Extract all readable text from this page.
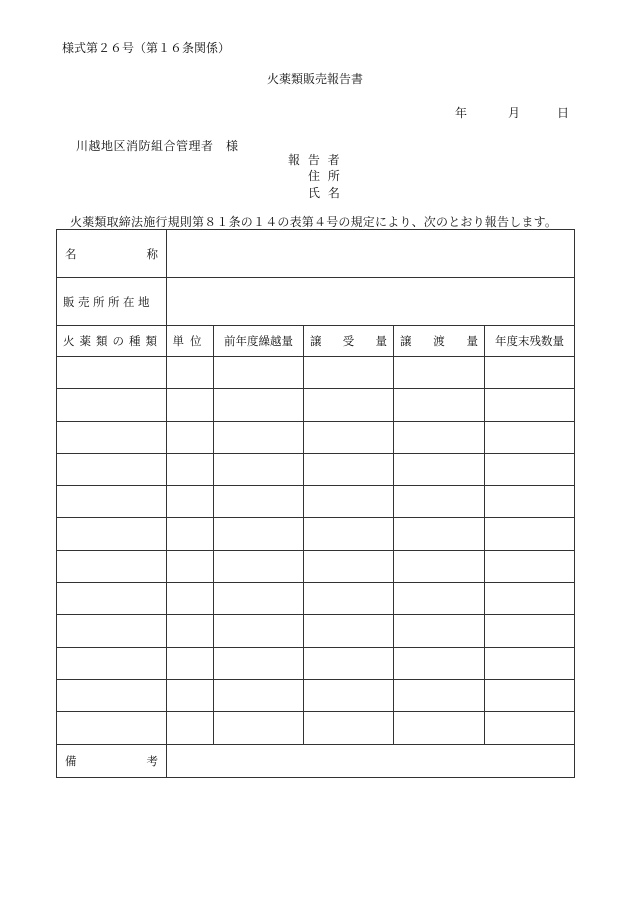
様式第２６号（第１６条関係）
火薬類販売報告書
年	月	日
川越地区消防組合管理者　様
報 告 者
住 所
氏 名
火薬類取締法施行規則第８１条の１４の表第４号の規定により、次のとおり報告します。
名 称					

販売所所在地					

火薬類の種類	単位	前年度繰越量	譲 受 量	譲 渡 量	年度末残数量

備 考					
